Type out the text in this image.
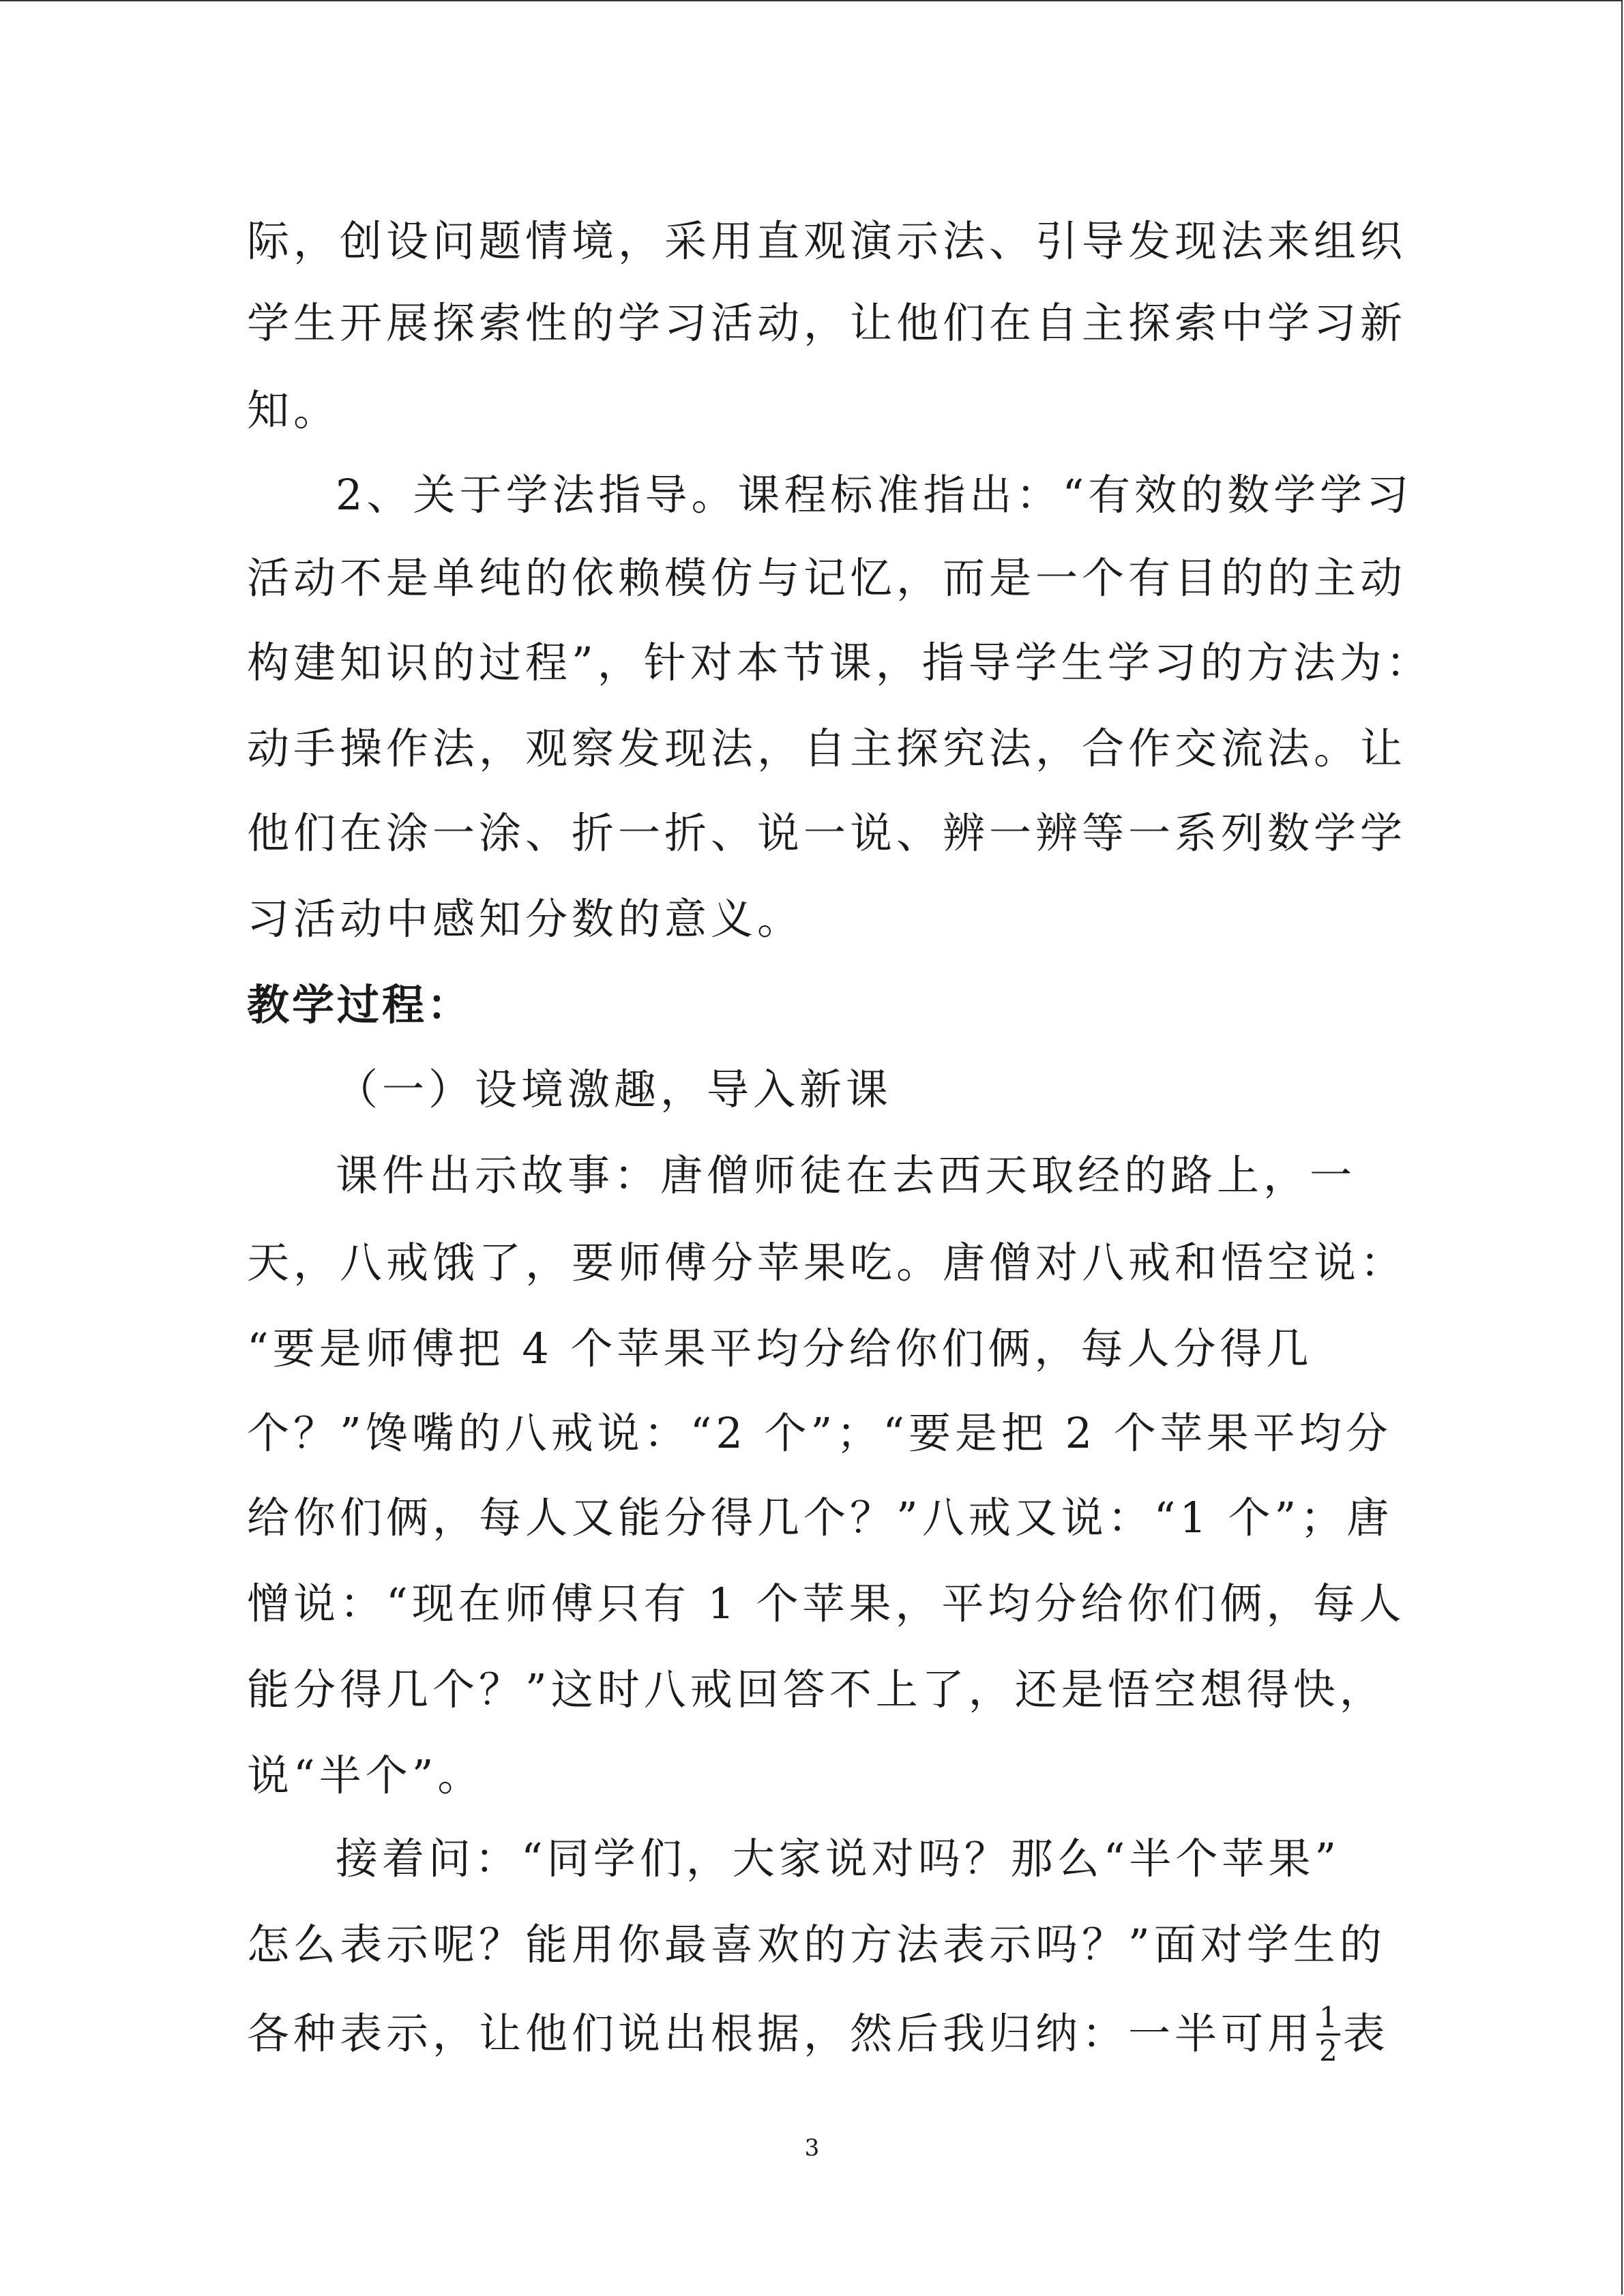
际，创设问题情境，采用直观演示法、引导发现法来组织
学生开展探索性的学习活动，让他们在自主探索中学习新
知。
2、关于学法指导。课程标准指出：“有效的数学学习
活动不是单纯的依赖模仿与记忆，而是一个有目的的主动
构建知识的过程”，针对本节课，指导学生学习的方法为：
动手操作法，观察发现法，自主探究法，合作交流法。让
他们在涂一涂、折一折、说一说、辨一辨等一系列数学学
习活动中感知分数的意义。
教学过程：
（一）设境激趣，导入新课
课件出示故事：唐僧师徒在去西天取经的路上，一
天，八戒饿了，要师傅分苹果吃。唐僧对八戒和悟空说：
“要是师傅把 4 个苹果平均分给你们俩，每人分得几
个？”馋嘴的八戒说：“2 个”；“要是把 2 个苹果平均分
给你们俩，每人又能分得几个？”八戒又说：“1 个”；唐
憎说：“现在师傅只有 1 个苹果，平均分给你们俩，每人
能分得几个？”这时八戒回答不上了，还是悟空想得快，
说“半个”。
接着问：“同学们，大家说对吗？那么“半个苹果”
怎么表示呢？能用你最喜欢的方法表示吗？”面对学生的
各种表示，让他们说出根据，然后我归纳：一半可用 $\frac{1}{2}$ 表
3
